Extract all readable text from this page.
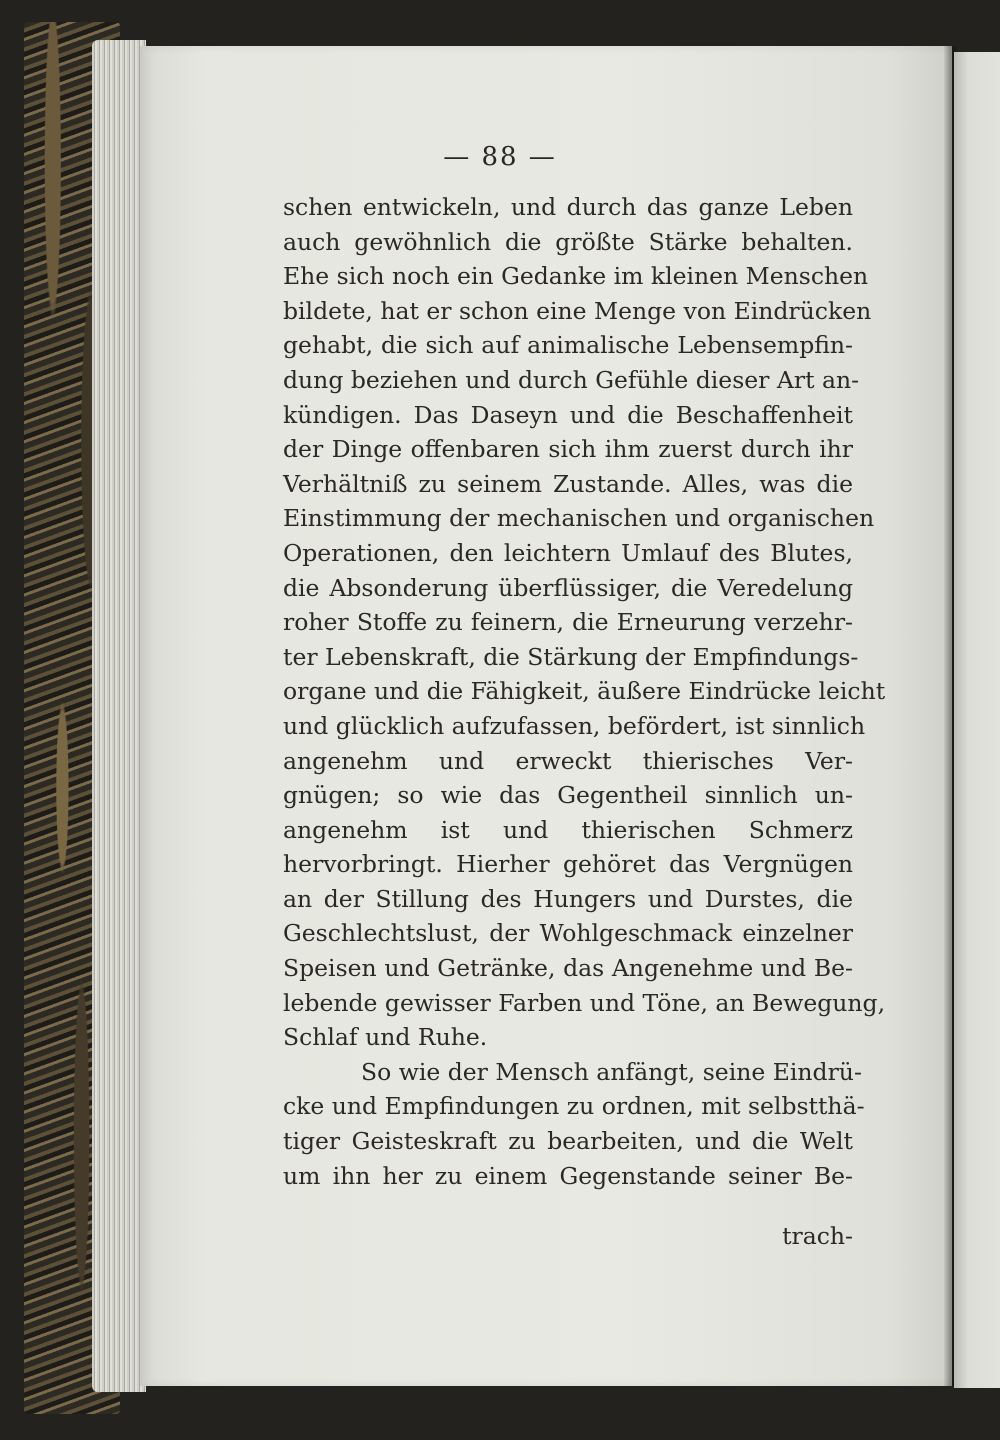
— 88 —
schen entwickeln, und durch das ganze Leben
auch gewöhnlich die größte Stärke behalten.
Ehe sich noch ein Gedanke im kleinen Menschen
bildete, hat er schon eine Menge von Eindrücken
gehabt, die sich auf animalische Lebensempfin-
dung beziehen und durch Gefühle dieser Art an-
kündigen. Das Daseyn und die Beschaffenheit
der Dinge offenbaren sich ihm zuerst durch ihr
Verhältniß zu seinem Zustande. Alles, was die
Einstimmung der mechanischen und organischen
Operationen, den leichtern Umlauf des Blutes,
die Absonderung überflüssiger, die Veredelung
roher Stoffe zu feinern, die Erneurung verzehr-
ter Lebenskraft, die Stärkung der Empfindungs-
organe und die Fähigkeit, äußere Eindrücke leicht
und glücklich aufzufassen, befördert, ist sinnlich
angenehm und erweckt thierisches Ver-
gnügen; so wie das Gegentheil sinnlich un-
angenehm ist und thierischen Schmerz
hervorbringt. Hierher gehöret das Vergnügen
an der Stillung des Hungers und Durstes, die
Geschlechtslust, der Wohlgeschmack einzelner
Speisen und Getränke, das Angenehme und Be-
lebende gewisser Farben und Töne, an Bewegung,
Schlaf und Ruhe.
So wie der Mensch anfängt, seine Eindrü-
cke und Empfindungen zu ordnen, mit selbstthä-
tiger Geisteskraft zu bearbeiten, und die Welt
um ihn her zu einem Gegenstande seiner Be-
trach-
